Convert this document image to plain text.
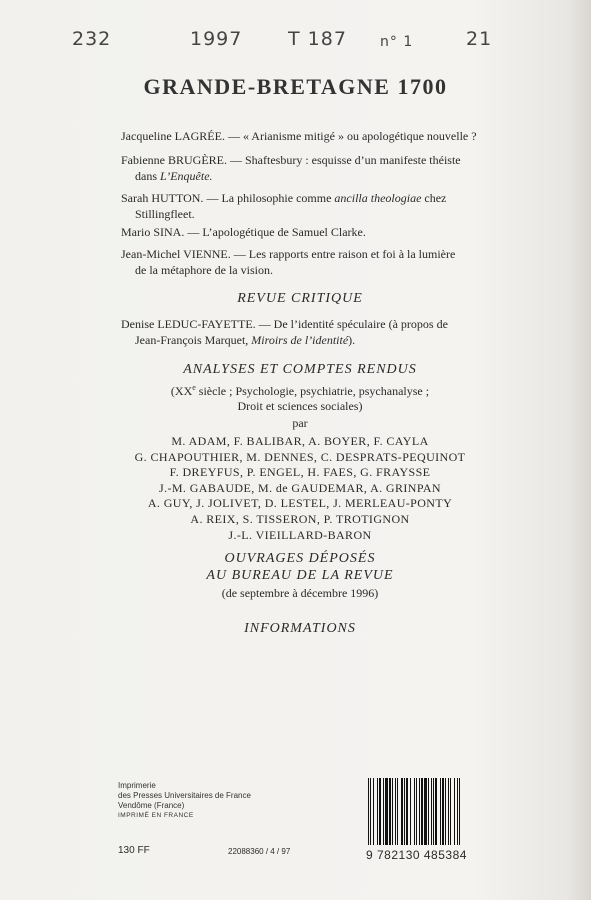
232	1997 T 187 n° 1	21
GRANDE-BRETAGNE 1700
Jacqueline LAGRÉE. — « Arianisme mitigé » ou apologétique nouvelle ?
Fabienne BRUGÈRE. — Shaftesbury : esquisse d’un manifeste théiste
dans L’Enquête.
Sarah HUTTON. — La philosophie comme ancilla theologiae chez
Stillingfleet.
Mario SINA. — L’apologétique de Samuel Clarke.
Jean-Michel VIENNE. — Les rapports entre raison et foi à la lumière
de la métaphore de la vision.
REVUE CRITIQUE
Denise LEDUC-FAYETTE. — De l’identité spéculaire (à propos de
Jean-François Marquet, Miroirs de l’identité).
ANALYSES ET COMPTES RENDUS
(XXe siècle ; Psychologie, psychiatrie, psychanalyse ;
Droit et sciences sociales)
par
M. ADAM, F. BALIBAR, A. BOYER, F. CAYLA
G. CHAPOUTHIER, M. DENNES, C. DESPRATS-PEQUINOT
F. DREYFUS, P. ENGEL, H. FAES, G. FRAYSSE
J.-M. GABAUDE, M. de GAUDEMAR, A. GRINPAN
A. GUY, J. JOLIVET, D. LESTEL, J. MERLEAU-PONTY
A. REIX, S. TISSERON, P. TROTIGNON
J.-L. VIEILLARD-BARON
OUVRAGES DÉPOSÉS
AU BUREAU DE LA REVUE
(de septembre à décembre 1996)
INFORMATIONS
Imprimerie
des Presses Universitaires de France
Vendôme (France)
IMPRIMÉ EN FRANCE
130 FF	22088360 / 4 / 97	9 782130 485384
